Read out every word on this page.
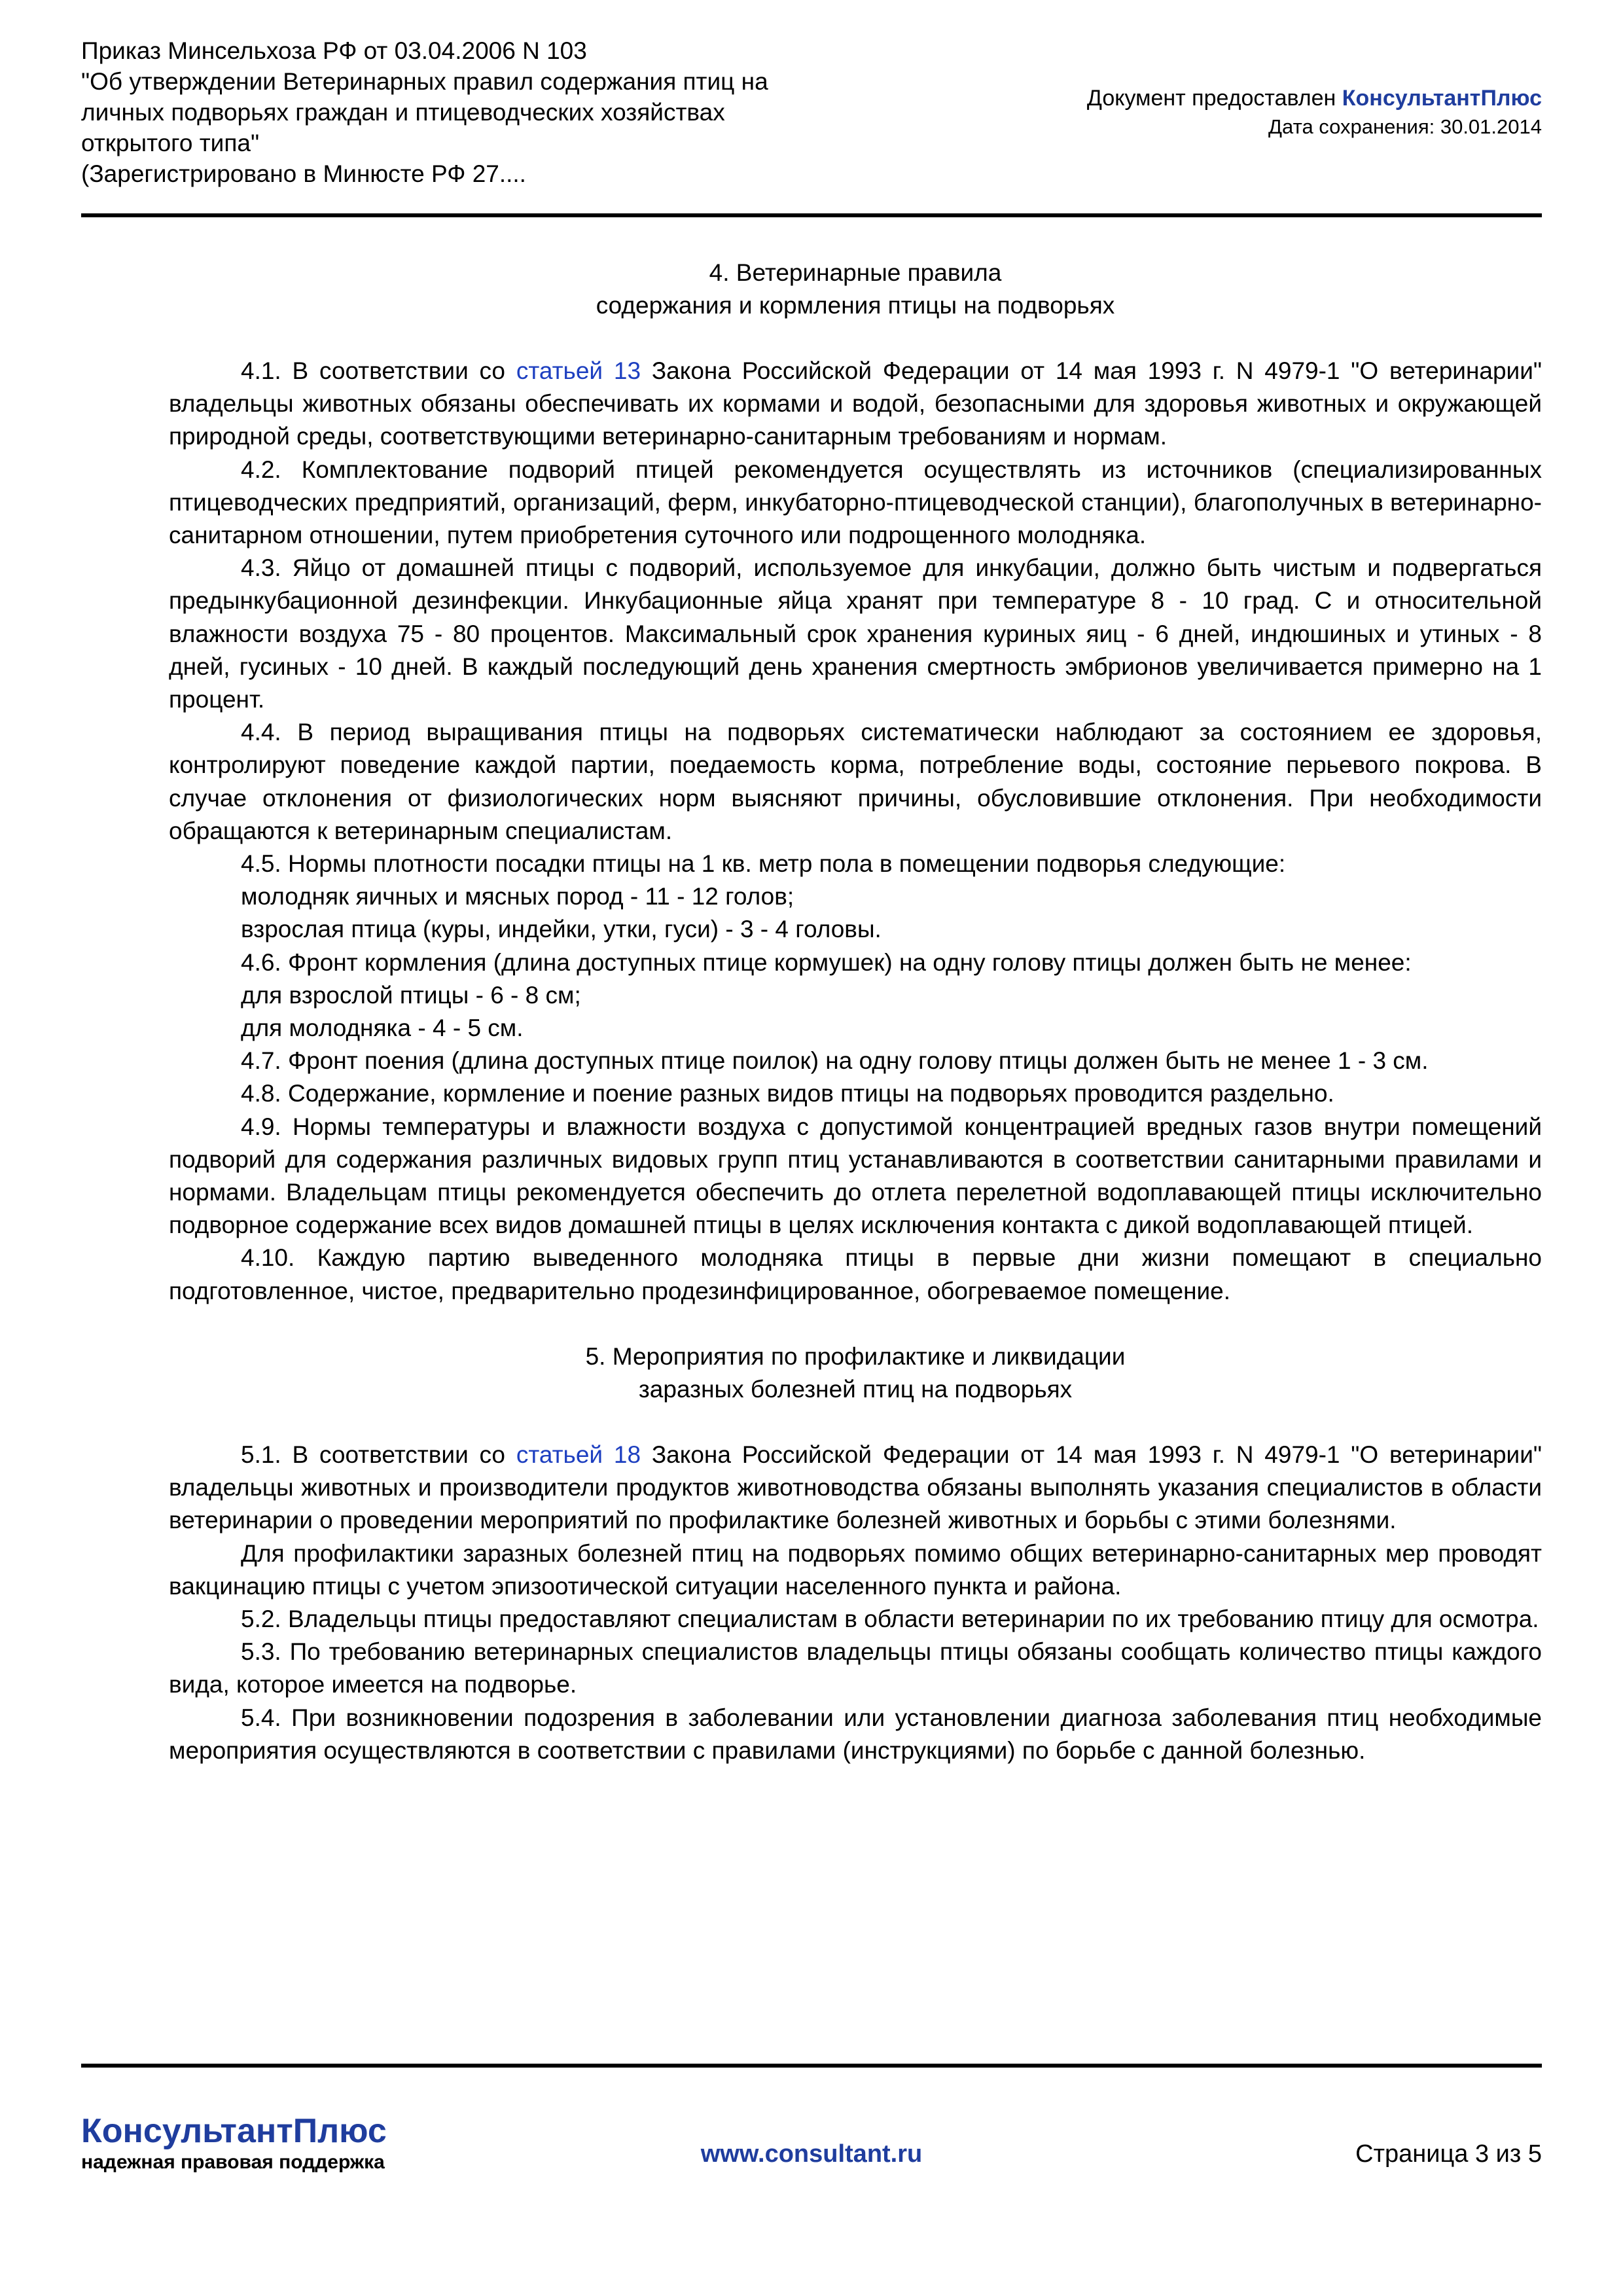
Приказ Минсельхоза РФ от 03.04.2006 N 103
"Об утверждении Ветеринарных правил содержания птиц на
личных подворьях граждан и птицеводческих хозяйствах
открытого типа"
(Зарегистрировано в Минюсте РФ 27....
Документ предоставлен КонсультантПлюс
Дата сохранения: 30.01.2014
4. Ветеринарные правила
содержания и кормления птицы на подворьях

4.1. В соответствии со статьей 13 Закона Российской Федерации от 14 мая 1993 г. N 4979-1 "О ветеринарии" владельцы животных обязаны обеспечивать их кормами и водой, безопасными для здоровья животных и окружающей природной среды, соответствующими ветеринарно-санитарным требованиям и нормам.

4.2. Комплектование подворий птицей рекомендуется осуществлять из источников (специализированных птицеводческих предприятий, организаций, ферм, инкубаторно-птицеводческой станции), благополучных в ветеринарно-санитарном отношении, путем приобретения суточного или подрощенного молодняка.

4.3. Яйцо от домашней птицы с подворий, используемое для инкубации, должно быть чистым и подвергаться предынкубационной дезинфекции. Инкубационные яйца хранят при температуре 8 - 10 град. С и относительной влажности воздуха 75 - 80 процентов. Максимальный срок хранения куриных яиц - 6 дней, индюшиных и утиных - 8 дней, гусиных - 10 дней. В каждый последующий день хранения смертность эмбрионов увеличивается примерно на 1 процент.

4.4. В период выращивания птицы на подворьях систематически наблюдают за состоянием ее здоровья, контролируют поведение каждой партии, поедаемость корма, потребление воды, состояние перьевого покрова. В случае отклонения от физиологических норм выясняют причины, обусловившие отклонения. При необходимости обращаются к ветеринарным специалистам.

4.5. Нормы плотности посадки птицы на 1 кв. метр пола в помещении подворья следующие:

молодняк яичных и мясных пород - 11 - 12 голов;

взрослая птица (куры, индейки, утки, гуси) - 3 - 4 головы.

4.6. Фронт кормления (длина доступных птице кормушек) на одну голову птицы должен быть не менее:

для взрослой птицы - 6 - 8 см;

для молодняка - 4 - 5 см.

4.7. Фронт поения (длина доступных птице поилок) на одну голову птицы должен быть не менее 1 - 3 см.

4.8. Содержание, кормление и поение разных видов птицы на подворьях проводится раздельно.

4.9. Нормы температуры и влажности воздуха с допустимой концентрацией вредных газов внутри помещений подворий для содержания различных видовых групп птиц устанавливаются в соответствии санитарными правилами и нормами. Владельцам птицы рекомендуется обеспечить до отлета перелетной водоплавающей птицы исключительно подворное содержание всех видов домашней птицы в целях исключения контакта с дикой водоплавающей птицей.

4.10. Каждую партию выведенного молодняка птицы в первые дни жизни помещают в специально подготовленное, чистое, предварительно продезинфицированное, обогреваемое помещение.

5. Мероприятия по профилактике и ликвидации
заразных болезней птиц на подворьях

5.1. В соответствии со статьей 18 Закона Российской Федерации от 14 мая 1993 г. N 4979-1 "О ветеринарии" владельцы животных и производители продуктов животноводства обязаны выполнять указания специалистов в области ветеринарии о проведении мероприятий по профилактике болезней животных и борьбы с этими болезнями.

Для профилактики заразных болезней птиц на подворьях помимо общих ветеринарно-санитарных мер проводят вакцинацию птицы с учетом эпизоотической ситуации населенного пункта и района.

5.2. Владельцы птицы предоставляют специалистам в области ветеринарии по их требованию птицу для осмотра.

5.3. По требованию ветеринарных специалистов владельцы птицы обязаны сообщать количество птицы каждого вида, которое имеется на подворье.

5.4. При возникновении подозрения в заболевании или установлении диагноза заболевания птиц необходимые мероприятия осуществляются в соответствии с правилами (инструкциями) по борьбе с данной болезнью.

КонсультантПлюс
надежная правовая поддержка	www.consultant.ru	Страница 3 из 5
